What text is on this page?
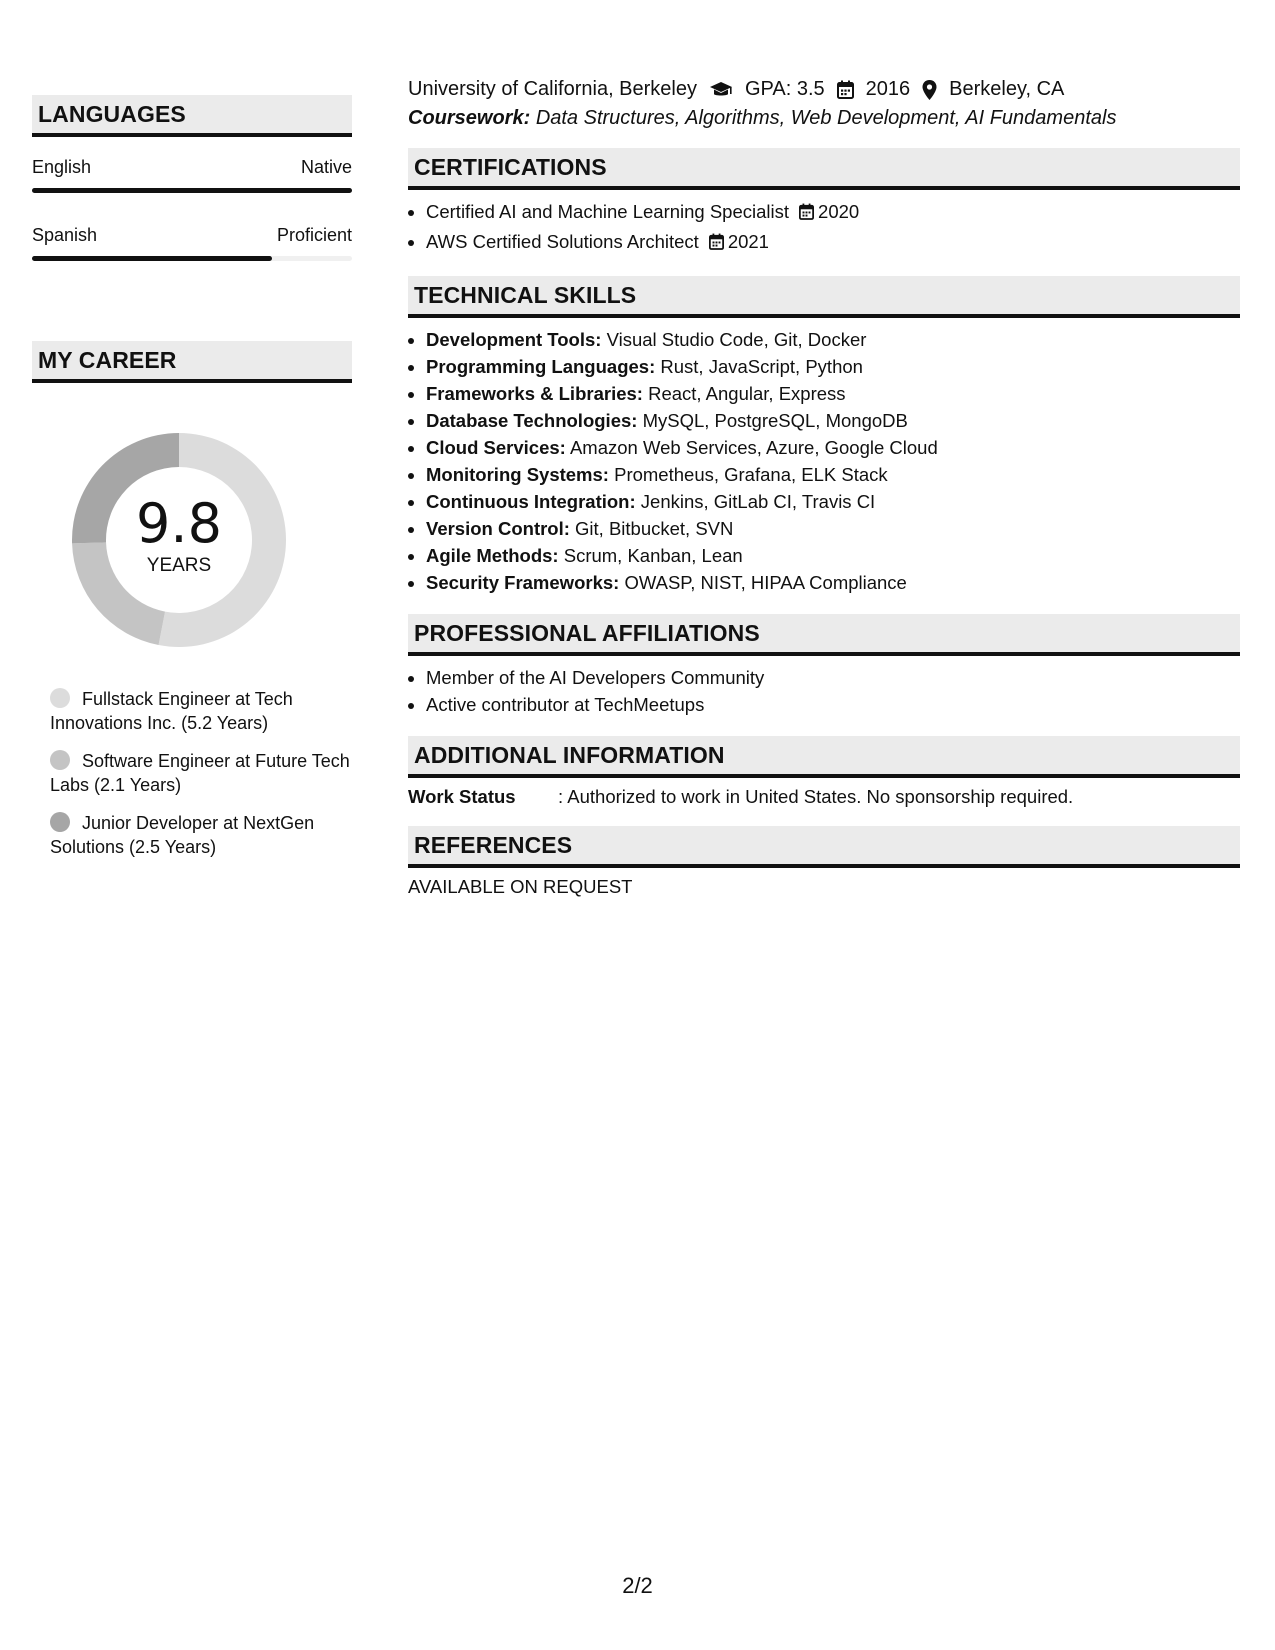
LANGUAGES
English	Native
Spanish	Proficient
MY CAREER
9.8
YEARS
Fullstack Engineer at Tech Innovations Inc. (5.2 Years)
Software Engineer at Future Tech Labs (2.1 Years)
Junior Developer at NextGen Solutions (2.5 Years)
University of California, Berkeley GPA: 3.5 2016 Berkeley, CA
Coursework: Data Structures, Algorithms, Web Development, AI Fundamentals
CERTIFICATIONS
• Certified AI and Machine Learning Specialist 2020
• AWS Certified Solutions Architect 2021
TECHNICAL SKILLS
• Development Tools: Visual Studio Code, Git, Docker
• Programming Languages: Rust, JavaScript, Python
• Frameworks & Libraries: React, Angular, Express
• Database Technologies: MySQL, PostgreSQL, MongoDB
• Cloud Services: Amazon Web Services, Azure, Google Cloud
• Monitoring Systems: Prometheus, Grafana, ELK Stack
• Continuous Integration: Jenkins, GitLab CI, Travis CI
• Version Control: Git, Bitbucket, SVN
• Agile Methods: Scrum, Kanban, Lean
• Security Frameworks: OWASP, NIST, HIPAA Compliance
PROFESSIONAL AFFILIATIONS
• Member of the AI Developers Community
• Active contributor at TechMeetups
ADDITIONAL INFORMATION
Work Status	: Authorized to work in United States. No sponsorship required.
REFERENCES
AVAILABLE ON REQUEST
2/2
